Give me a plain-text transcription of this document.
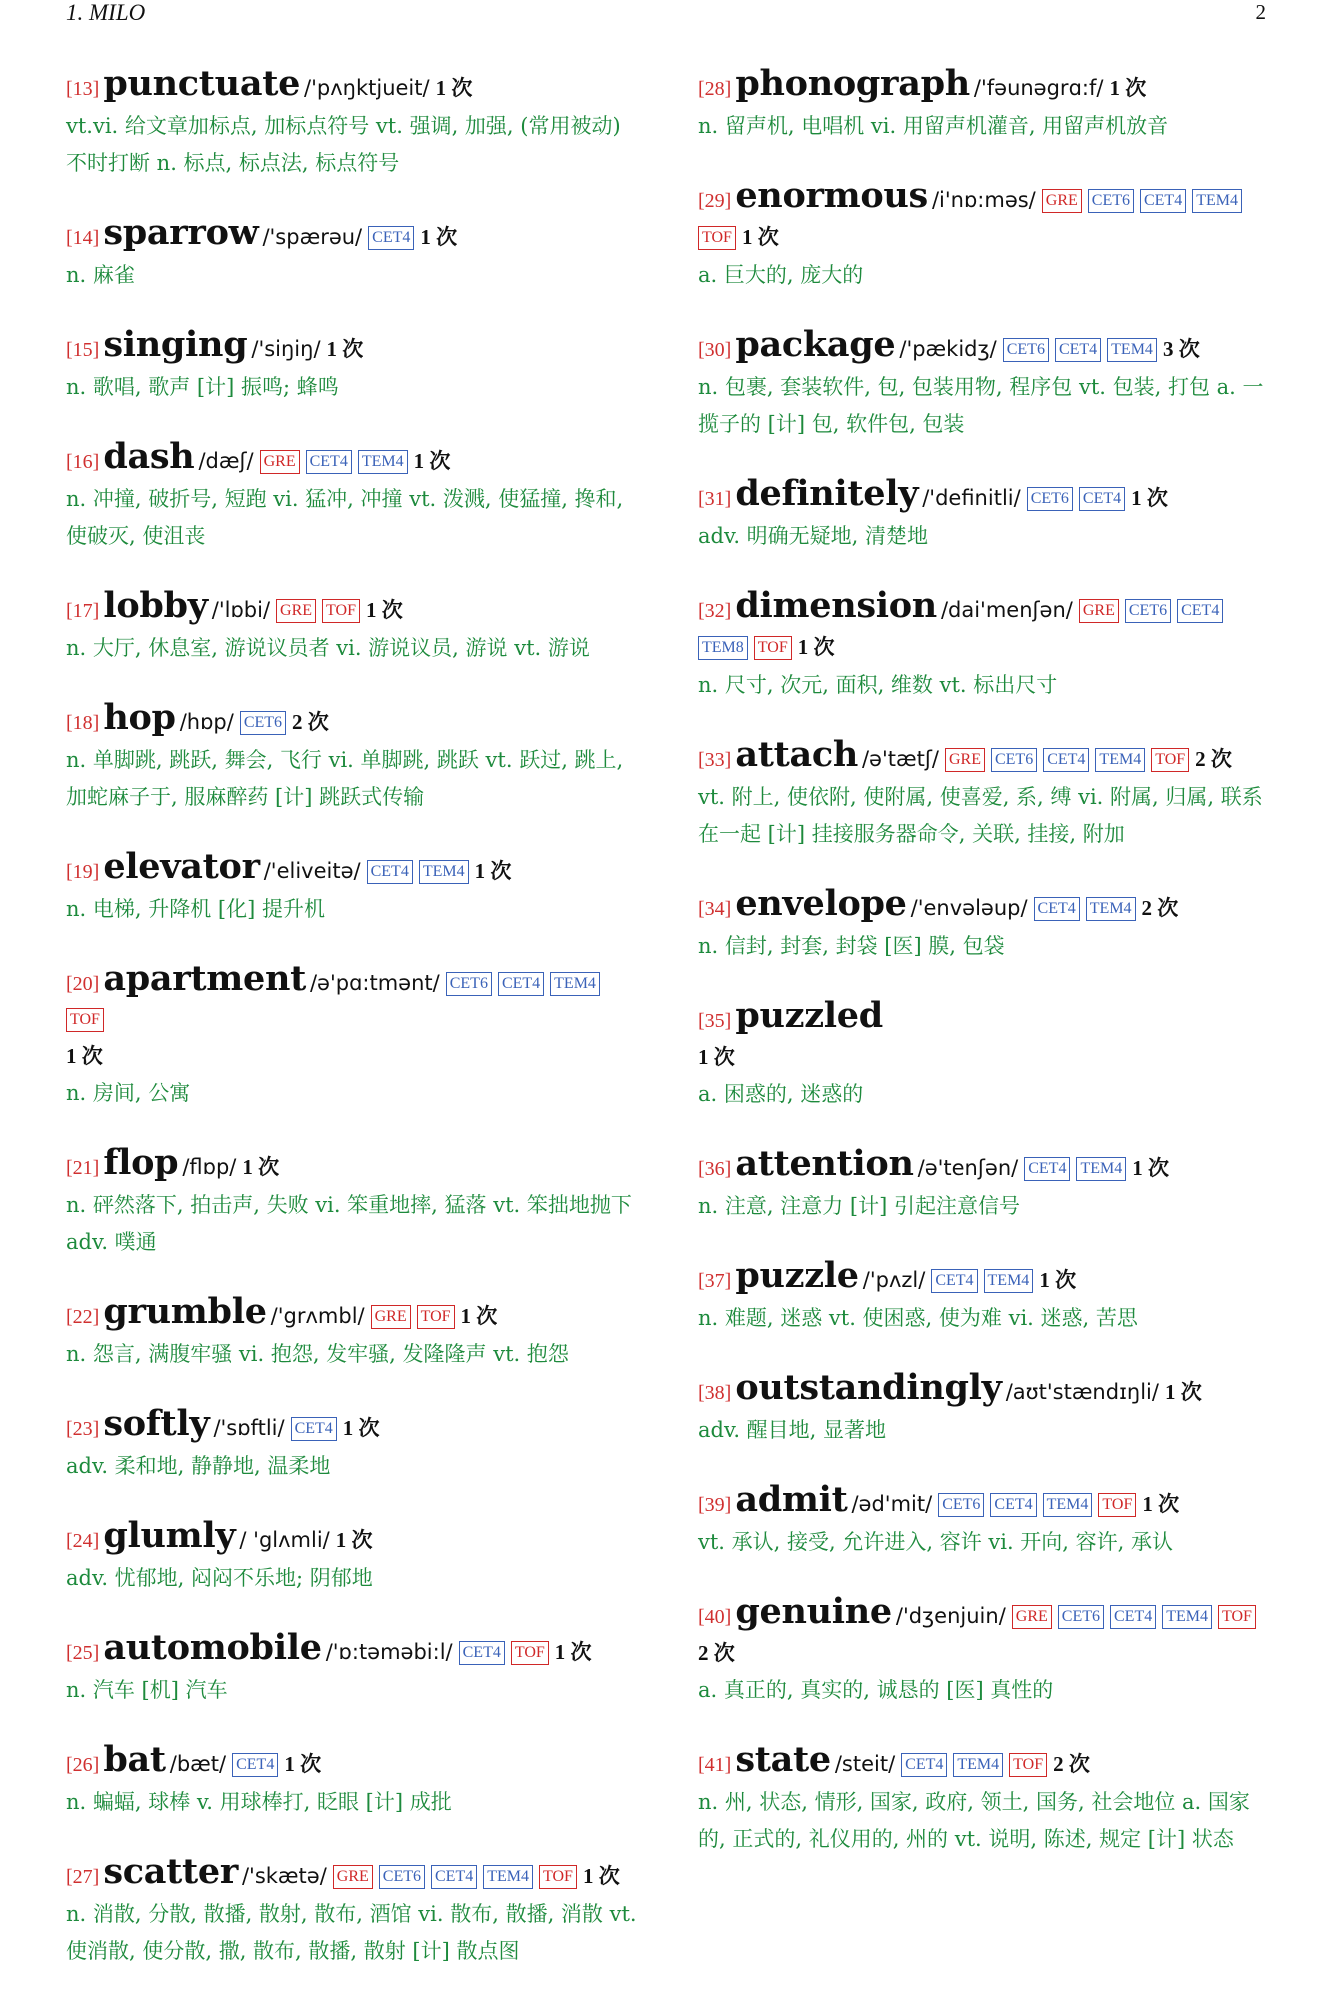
1. MILO	2
[13] punctuate /'pʌŋktjueit/ 1 次
vt.vi. 给文章加标点, 加标点符号 vt. 强调, 加强, (常用被动) 不时打断 n. 标点, 标点法, 标点符号
[14] sparrow /'spærəu/ CET4 1 次
n. 麻雀
[15] singing /'siŋiŋ/ 1 次
n. 歌唱, 歌声 [计] 振鸣; 蜂鸣
[16] dash /dæʃ/ GRE CET4 TEM4 1 次
n. 冲撞, 破折号, 短跑 vi. 猛冲, 冲撞 vt. 泼溅, 使猛撞, 搀和, 使破灭, 使沮丧
[17] lobby /'lɒbi/ GRE TOF 1 次
n. 大厅, 休息室, 游说议员者 vi. 游说议员, 游说 vt. 游说
[18] hop /hɒp/ CET6 2 次
n. 单脚跳, 跳跃, 舞会, 飞行 vi. 单脚跳, 跳跃 vt. 跃过, 跳上, 加蛇麻子于, 服麻醉药 [计] 跳跃式传输
[19] elevator /'eliveitə/ CET4 TEM4 1 次
n. 电梯, 升降机 [化] 提升机
[20] apartment /ə'pɑ:tmənt/ CET6 CET4 TEM4TOF
1 次
n. 房间, 公寓
[21] flop /flɒp/ 1 次
n. 砰然落下, 拍击声, 失败 vi. 笨重地摔, 猛落 vt. 笨拙地抛下 adv. 噗通
[22] grumble /'grʌmbl/ GRE TOF 1 次
n. 怨言, 满腹牢骚 vi. 抱怨, 发牢骚, 发隆隆声 vt. 抱怨
[23] softly /'sɒftli/ CET4 1 次
adv. 柔和地, 静静地, 温柔地
[24] glumly / 'glʌmli/ 1 次
adv. 忧郁地, 闷闷不乐地; 阴郁地
[25] automobile /'ɒ:təməbi:l/ CET4 TOF 1 次
n. 汽车 [机] 汽车
[26] bat /bæt/ CET4 1 次
n. 蝙蝠, 球棒 v. 用球棒打, 眨眼 [计] 成批
[27] scatter /'skætə/ GRE CET6 CET4 TEM4 TOF 1 次
n. 消散, 分散, 散播, 散射, 散布, 酒馆 vi. 散布, 散播, 消散 vt. 使消散, 使分散, 撒, 散布, 散播, 散射 [计] 散点图
[28] phonograph /'fəunəgrɑ:f/ 1 次
n. 留声机, 电唱机 vi. 用留声机灌音, 用留声机放音
[29] enormous /i'nɒ:məs/ GRE CET6 CET4 TEM4TOF 1 次
a. 巨大的, 庞大的
[30] package /'pækidʒ/ CET6 CET4 TEM4 3 次
n. 包裹, 套装软件, 包, 包装用物, 程序包 vt. 包装, 打包 a. 一揽子的 [计] 包, 软件包, 包装
[31] definitely /'definitli/ CET6 CET4 1 次
adv. 明确无疑地, 清楚地
[32] dimension /dai'menʃən/ GRE CET6 CET4TEM8 TOF 1 次
n. 尺寸, 次元, 面积, 维数 vt. 标出尺寸
[33] attach /ə'tætʃ/ GRE CET6 CET4 TEM4 TOF 2 次
vt. 附上, 使依附, 使附属, 使喜爱, 系, 缚 vi. 附属, 归属, 联系在一起 [计] 挂接服务器命令, 关联, 挂接, 附加
[34] envelope /'envələup/ CET4 TEM4 2 次
n. 信封, 封套, 封袋 [医] 膜, 包袋
[35] puzzled
1 次
a. 困惑的, 迷惑的
[36] attention /ə'tenʃən/ CET4 TEM4 1 次
n. 注意, 注意力 [计] 引起注意信号
[37] puzzle /'pʌzl/ CET4 TEM4 1 次
n. 难题, 迷惑 vt. 使困惑, 使为难 vi. 迷惑, 苦思
[38] outstandingly /aʊt'stændɪŋli/ 1 次
adv. 醒目地, 显著地
[39] admit /əd'mit/ CET6 CET4 TEM4 TOF 1 次
vt. 承认, 接受, 允许进入, 容许 vi. 开向, 容许, 承认
[40] genuine /'dʒenjuin/ GRE CET6 CET4 TEM4 TOF
2 次
a. 真正的, 真实的, 诚恳的 [医] 真性的
[41] state /steit/ CET4 TEM4 TOF 2 次
n. 州, 状态, 情形, 国家, 政府, 领土, 国务, 社会地位 a. 国家的, 正式的, 礼仪用的, 州的 vt. 说明, 陈述, 规定 [计] 状态
